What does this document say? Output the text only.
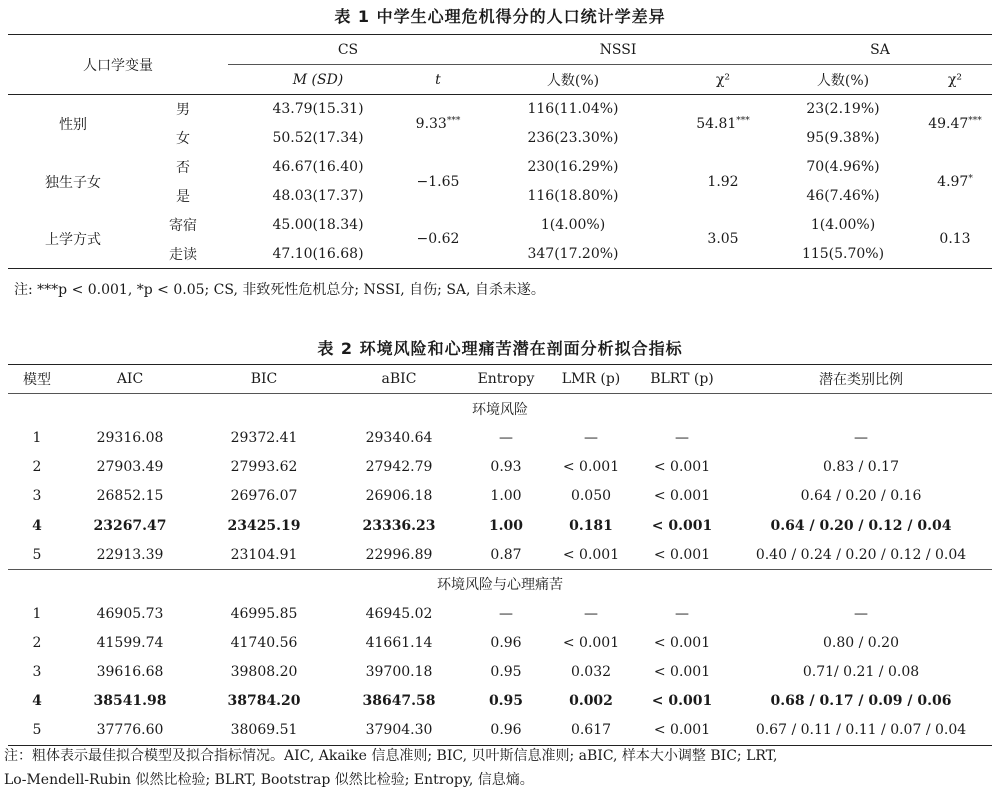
表 1 中学生心理危机得分的人口统计学差异
人口学变量		CS		NSSI		SA	
		M (SD)	t	人数(%)	χ²	人数(%)	χ²
性别	男	43.79(15.31)	9.33***	116(11.04%)	54.81***	23(2.19%)	49.47***
	女	50.52(17.34)		236(23.30%)		95(9.38%)	
独生子女	否	46.67(16.40)	−1.65	230(16.29%)	1.92	70(4.96%)	4.97*
	是	48.03(17.37)		116(18.80%)		46(7.46%)	
上学方式	寄宿	45.00(18.34)	−0.62	1(4.00%)	3.05	1(4.00%)	0.13
	走读	47.10(16.68)		347(17.20%)		115(5.70%)	
注: ***p < 0.001, *p < 0.05; CS, 非致死性危机总分; NSSI, 自伤; SA, 自杀未遂。
表 2 环境风险和心理痛苦潜在剖面分析拟合指标
模型	AIC	BIC	aBIC	Entropy	LMR (p)	BLRT (p)	潜在类别比例
环境风险							
1	29316.08	29372.41	29340.64	—	—	—	—
2	27903.49	27993.62	27942.79	0.93	< 0.001	< 0.001	0.83 / 0.17
3	26852.15	26976.07	26906.18	1.00	0.050	< 0.001	0.64 / 0.20 / 0.16
4	23267.47	23425.19	23336.23	1.00	0.181	< 0.001	0.64 / 0.20 / 0.12 / 0.04
5	22913.39	23104.91	22996.89	0.87	< 0.001	< 0.001	0.40 / 0.24 / 0.20 / 0.12 / 0.04
环境风险与心理痛苦							
1	46905.73	46995.85	46945.02	—	—	—	—
2	41599.74	41740.56	41661.14	0.96	< 0.001	< 0.001	0.80 / 0.20
3	39616.68	39808.20	39700.18	0.95	0.032	< 0.001	0.71/ 0.21 / 0.08
4	38541.98	38784.20	38647.58	0.95	0.002	< 0.001	0.68 / 0.17 / 0.09 / 0.06
5	37776.60	38069.51	37904.30	0.96	0.617	< 0.001	0.67 / 0.11 / 0.11 / 0.07 / 0.04
注：粗体表示最佳拟合模型及拟合指标情况。AIC, Akaike 信息准则; BIC, 贝叶斯信息准则; aBIC, 样本大小调整 BIC; LRT,
Lo-Mendell-Rubin 似然比检验; BLRT, Bootstrap 似然比检验; Entropy, 信息熵。
